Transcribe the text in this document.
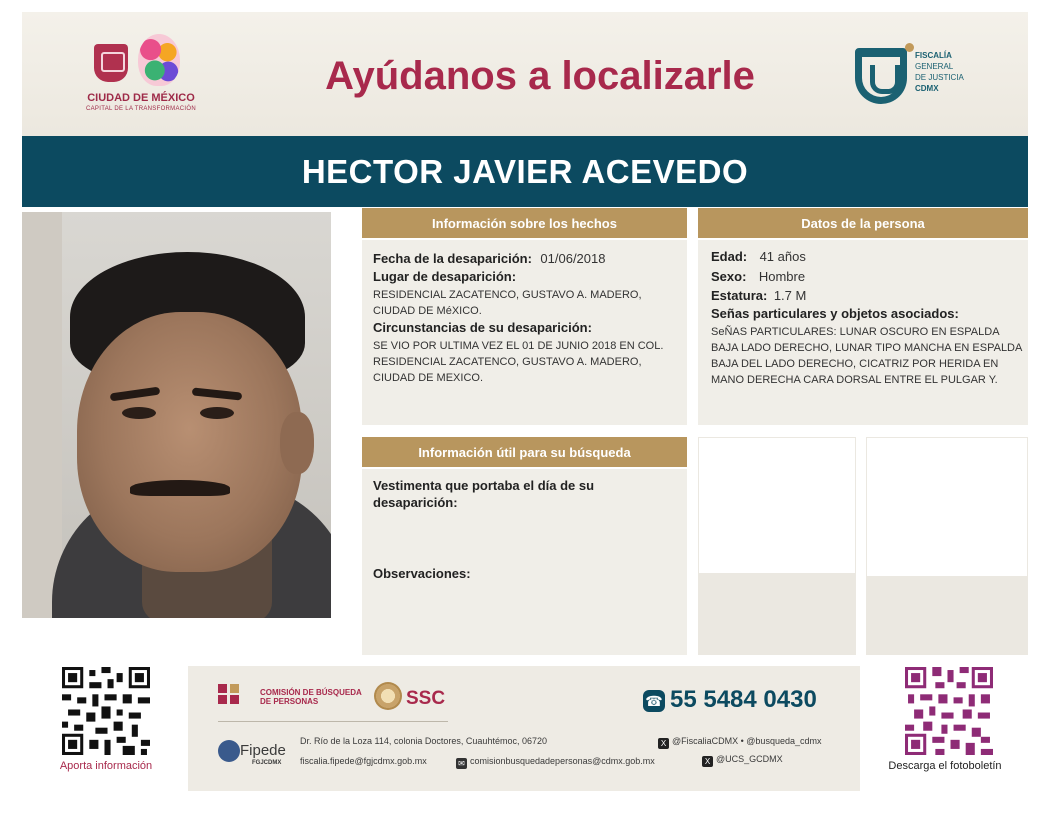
CIUDAD DE MÉXICO
CAPITAL DE LA TRANSFORMACIÓN
Ayúdanos a localizarle	FISCALÍA
GENERAL
DE JUSTICIA
CDMX
HECTOR JAVIER ACEVEDO
Información sobre los hechos
Fecha de la desaparición: 01/06/2018
Lugar de desaparición:
RESIDENCIAL ZACATENCO, GUSTAVO A. MADERO, CIUDAD DE MéXICO.
Circunstancias de su desaparición:
SE VIO POR ULTIMA VEZ EL 01 DE JUNIO 2018 EN COL. RESIDENCIAL ZACATENCO, GUSTAVO A. MADERO, CIUDAD DE MEXICO.
Datos de la persona
Edad: 41 años
Sexo: Hombre
Estatura: 1.7 M
Señas particulares y objetos asociados:
SeÑAS PARTICULARES: LUNAR OSCURO EN ESPALDA BAJA LADO DERECHO, LUNAR TIPO MANCHA EN ESPALDA BAJA DEL LADO DERECHO, CICATRIZ POR HERIDA EN MANO DERECHA CARA DORSAL ENTRE EL PULGAR Y.
Información útil para su búsqueda
Vestimenta que portaba el día de su desaparición:
Observaciones:
Aporta información	Descarga el fotoboletín
COMISIÓN DE BÚSQUEDA
DE PERSONAS	SSC	☎ 55 5484 0430
Fipede
FGJCDMX
Dr. Río de la Loza 114, colonia Doctores, Cuauhtémoc, 06720
fiscalia.fipede@fgjcdmx.gob.mx	✉ comisionbusquedadepersonas@cdmx.gob.mx
X @FiscaliaCDMX • @busqueda_cdmx
X @UCS_GCDMX
